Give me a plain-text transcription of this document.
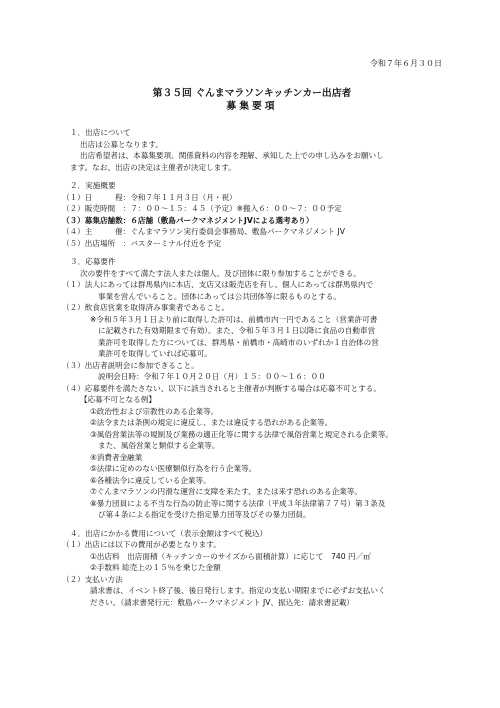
令和７年６月３０日
第３５回 ぐんまマラソンキッチンカー出店者
募集要項
１．出店について
出店は公募となります。
出店希望者は、本募集要項、関係資料の内容を理解、承知した上での申し込みをお願いし
ます。なお、出店の決定は主催者が決定します。
２．実施概要
（１）日　　　程：令和７年１１月３日（月・祝）
（２）販売時間　：７：００～１５：４５（予定）※搬入６：００～７：００予定
（３）募集店舗数：６店舗（敷島パークマネジメントJVによる選考あり）
（４）主　　　催：ぐんまマラソン実行委員会事務局、敷島パークマネジメント JV
（５）出店場所　：バスターミナル付近を予定
３．応募要件
次の要件をすべて満たす法人または個人、及び団体に限り参加することができる。
（１）法人にあっては群馬県内に本店、支店又は販売店を有し、個人にあっては群馬県内で
事業を営んでいること。団体にあっては公共団体等に限るものとする。
（２）飲食店営業を取得済み事業者であること。
※令和５年３月１日より前に取得した許可は、前橋市内一円であること（営業許可書
に記載された有効期限まで有効）。また、令和５年３月１日以降に食品の自動車営
業許可を取得した方については、群馬県・前橋市・高崎市のいずれか１自治体の営
業許可を取得していれば応募可。
（３）出店者説明会に参加できること。
説明会日時：令和７年１０月２０日（月）１５：００～１６：００
（４）応募要件を満たさない、以下に該当されると主催者が判断する場合は応募不可とする。
【応募不可となる例】
①政治性および宗教性のある企業等。
②法令または条例の規定に違反し、または違反する恐れがある企業等。
③風俗営業法等の規制及び業務の適正化等に関する法律で風俗営業と規定される企業等。
また、風俗営業と類似する企業等。
④消費者金融業
⑤法律に定めのない医療類似行為を行う企業等。
⑥各種法令に違反している企業等。
⑦ぐんまマラソンの円滑な運営に支障を来たす、または来す恐れのある企業等。
⑧暴力団員による不当な行為の防止等に関する法律（平成３年法律第７７号）第３条及
び第４条による指定を受けた指定暴力団等及びその暴力団員。
４．出店にかかる費用について（表示金額はすべて税込）
（１）出店には以下の費用が必要となります。
①出店料　出店面積（キッチンカーのサイズから面積計算）に応じて　740 円／㎡
②手数料 総売上の１５％を乗じた金額
（２）支払い方法
請求書は、イベント終了後、後日発行します。指定の支払い期限までに必ずお支払いく
ださい。（請求書発行元：敷島パークマネジメント JV、振込先：請求書記載）
